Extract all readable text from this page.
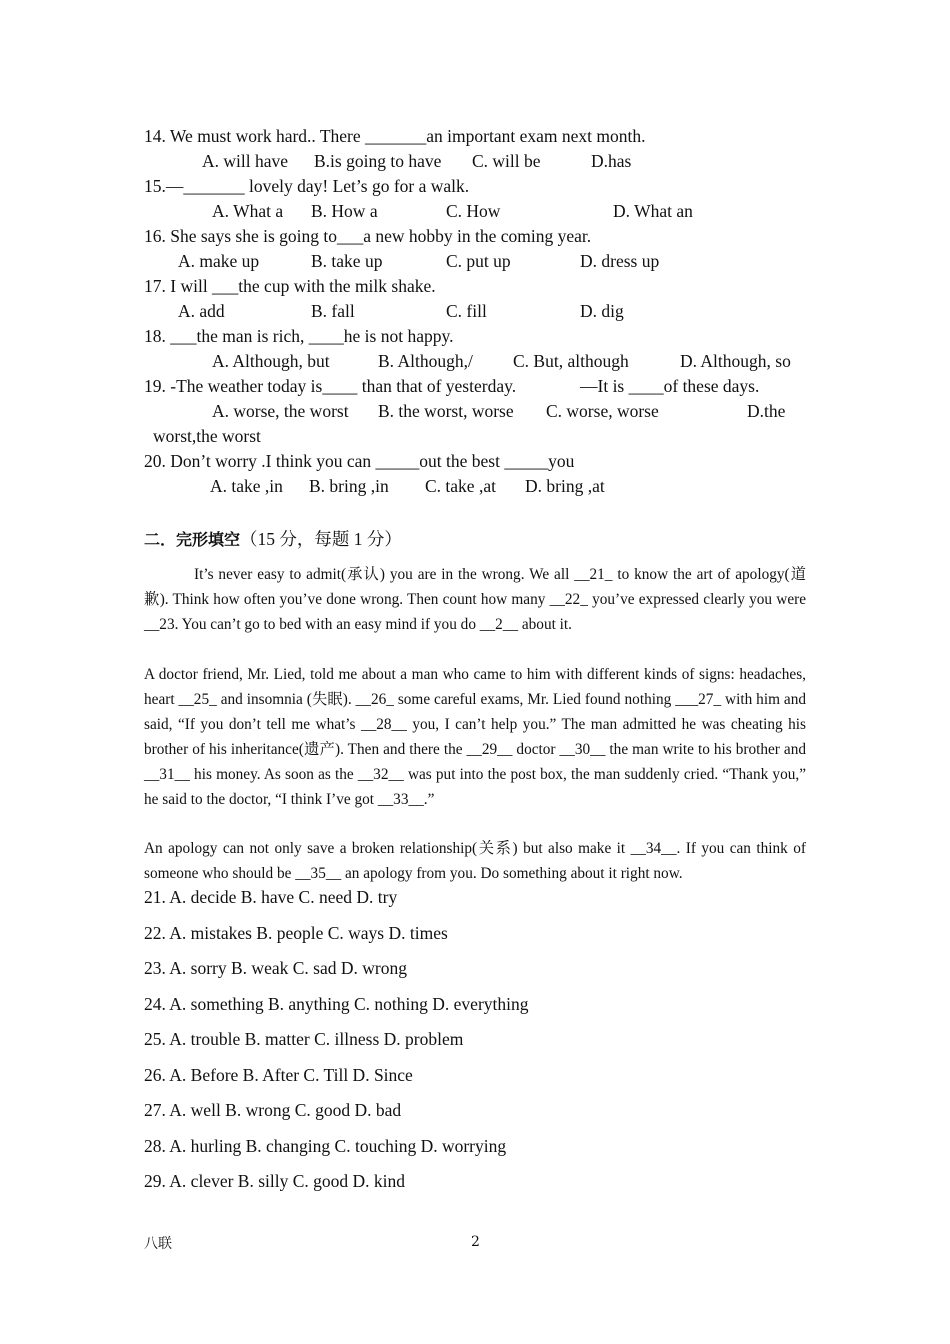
14. We must work hard.. There _______an important exam next month.
A. will have B.is going to have C. will be	D.has
15.—_______ lovely day! Let’s go for a walk.
A. What a B. How a	C. How	D. What an
16. She says she is going to___a new hobby in the coming year.
A. make up	B. take up	C. put up	D. dress up
17. I will ___the cup with the milk shake.
A. add	B. fall	C. fill	D. dig
18. ___the man is rich, ____he is not happy.
A. Although, but	B. Although,/ C. But, although	D. Although, so
19. -The weather today is____ than that of yesterday.	—It is ____of these days.
A. worse, the worst B. the worst, worse C. worse, worse	D.the
worst,the worst
20. Don’t worry .I think you can _____out the best _____you
A. take ,in B. bring ,in C. take ,at D. bring ,at
二．完形填空（15 分，每题 1 分）
It’s never easy to admit(承认) you are in the wrong. We all __21_ to know the art of apology(道歉). Think how often you’ve done wrong. Then count how many __22_ you’ve expressed clearly you were __23. You can’t go to bed with an easy mind if you do __2__ about it.
A doctor friend, Mr. Lied, told me about a man who came to him with different kinds of signs: headaches, heart __25_ and insomnia (失眠). __26_ some careful exams, Mr. Lied found nothing ___27_ with him and said, “If you don’t tell me what’s __28__ you, I can’t help you.” The man admitted he was cheating his brother of his inheritance(遗产). Then and there the __29__ doctor __30__ the man write to his brother and __31__ his money. As soon as the __32__ was put into the post box, the man suddenly cried. “Thank you,” he said to the doctor, “I think I’ve got __33__.”
An apology can not only save a broken relationship(关系) but also make it __34__. If you can think of someone who should be __35__ an apology from you. Do something about it right now.
21. A. decide B. have C. need D. try
22. A. mistakes B. people C. ways D. times
23. A. sorry B. weak C. sad D. wrong
24. A. something B. anything C. nothing D. everything
25. A. trouble B. matter C. illness D. problem
26. A. Before B. After C. Till D. Since
27. A. well B. wrong C. good D. bad
28. A. hurling B. changing C. touching D. worrying
29. A. clever B. silly C. good D. kind
八联	2
